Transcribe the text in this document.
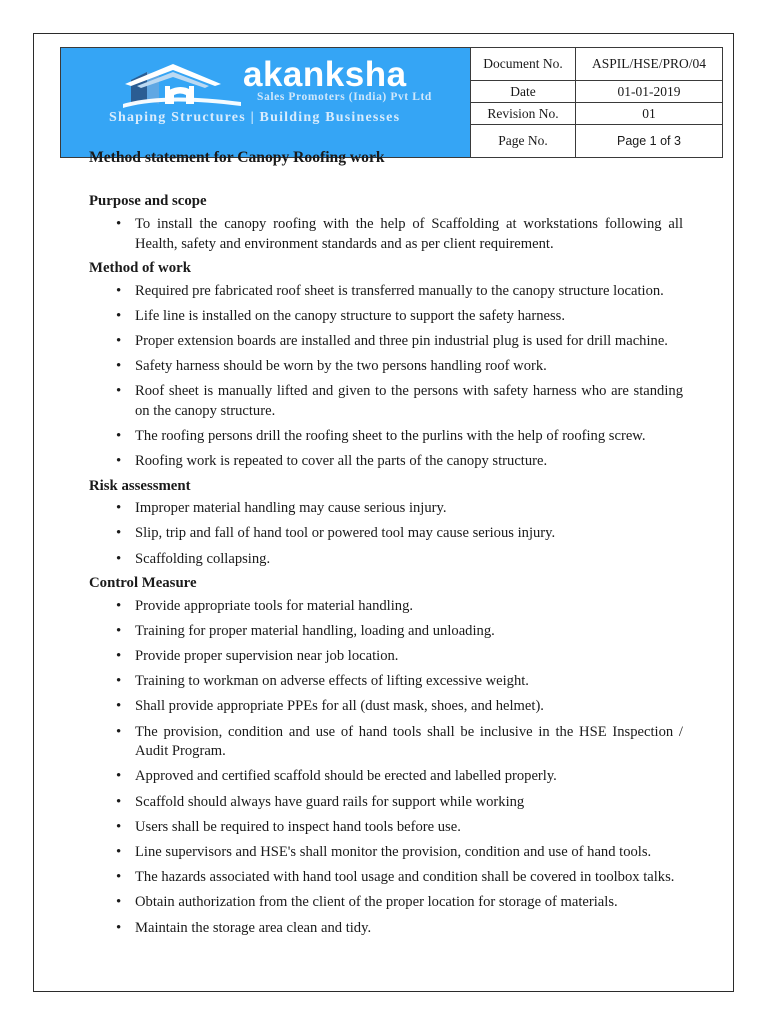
akanksha
Sales Promoters (India) Pvt Ltd
Shaping Structures | Building Businesses	Document No.	ASPIL/HSE/PRO/04
	Date	01-01-2019
	Revision No.	01
	Page No.	Page 1 of 3
Method statement for Canopy Roofing work
Purpose and scope
• To install the canopy roofing with the help of Scaffolding at workstations following all Health, safety and environment standards and as per client requirement.
Method of work
• Required pre fabricated roof sheet is transferred manually to the canopy structure location.
• Life line is installed on the canopy structure to support the safety harness.
• Proper extension boards are installed and three pin industrial plug is used for drill machine.
• Safety harness should be worn by the two persons handling roof work.
• Roof sheet is manually lifted and given to the persons with safety harness who are standing on the canopy structure.
• The roofing persons drill the roofing sheet to the purlins with the help of roofing screw.
• Roofing work is repeated to cover all the parts of the canopy structure.
Risk assessment
• Improper material handling may cause serious injury.
• Slip, trip and fall of hand tool or powered tool may cause serious injury.
• Scaffolding collapsing.
Control Measure
• Provide appropriate tools for material handling.
• Training for proper material handling, loading and unloading.
• Provide proper supervision near job location.
• Training to workman on adverse effects of lifting excessive weight.
• Shall provide appropriate PPEs for all (dust mask, shoes, and helmet).
• The provision, condition and use of hand tools shall be inclusive in the HSE Inspection / Audit Program.
• Approved and certified scaffold should be erected and labelled properly.
• Scaffold should always have guard rails for support while working
• Users shall be required to inspect hand tools before use.
• Line supervisors and HSE's shall monitor the provision, condition and use of hand tools.
• The hazards associated with hand tool usage and condition shall be covered in toolbox talks.
• Obtain authorization from the client of the proper location for storage of materials.
• Maintain the storage area clean and tidy.
